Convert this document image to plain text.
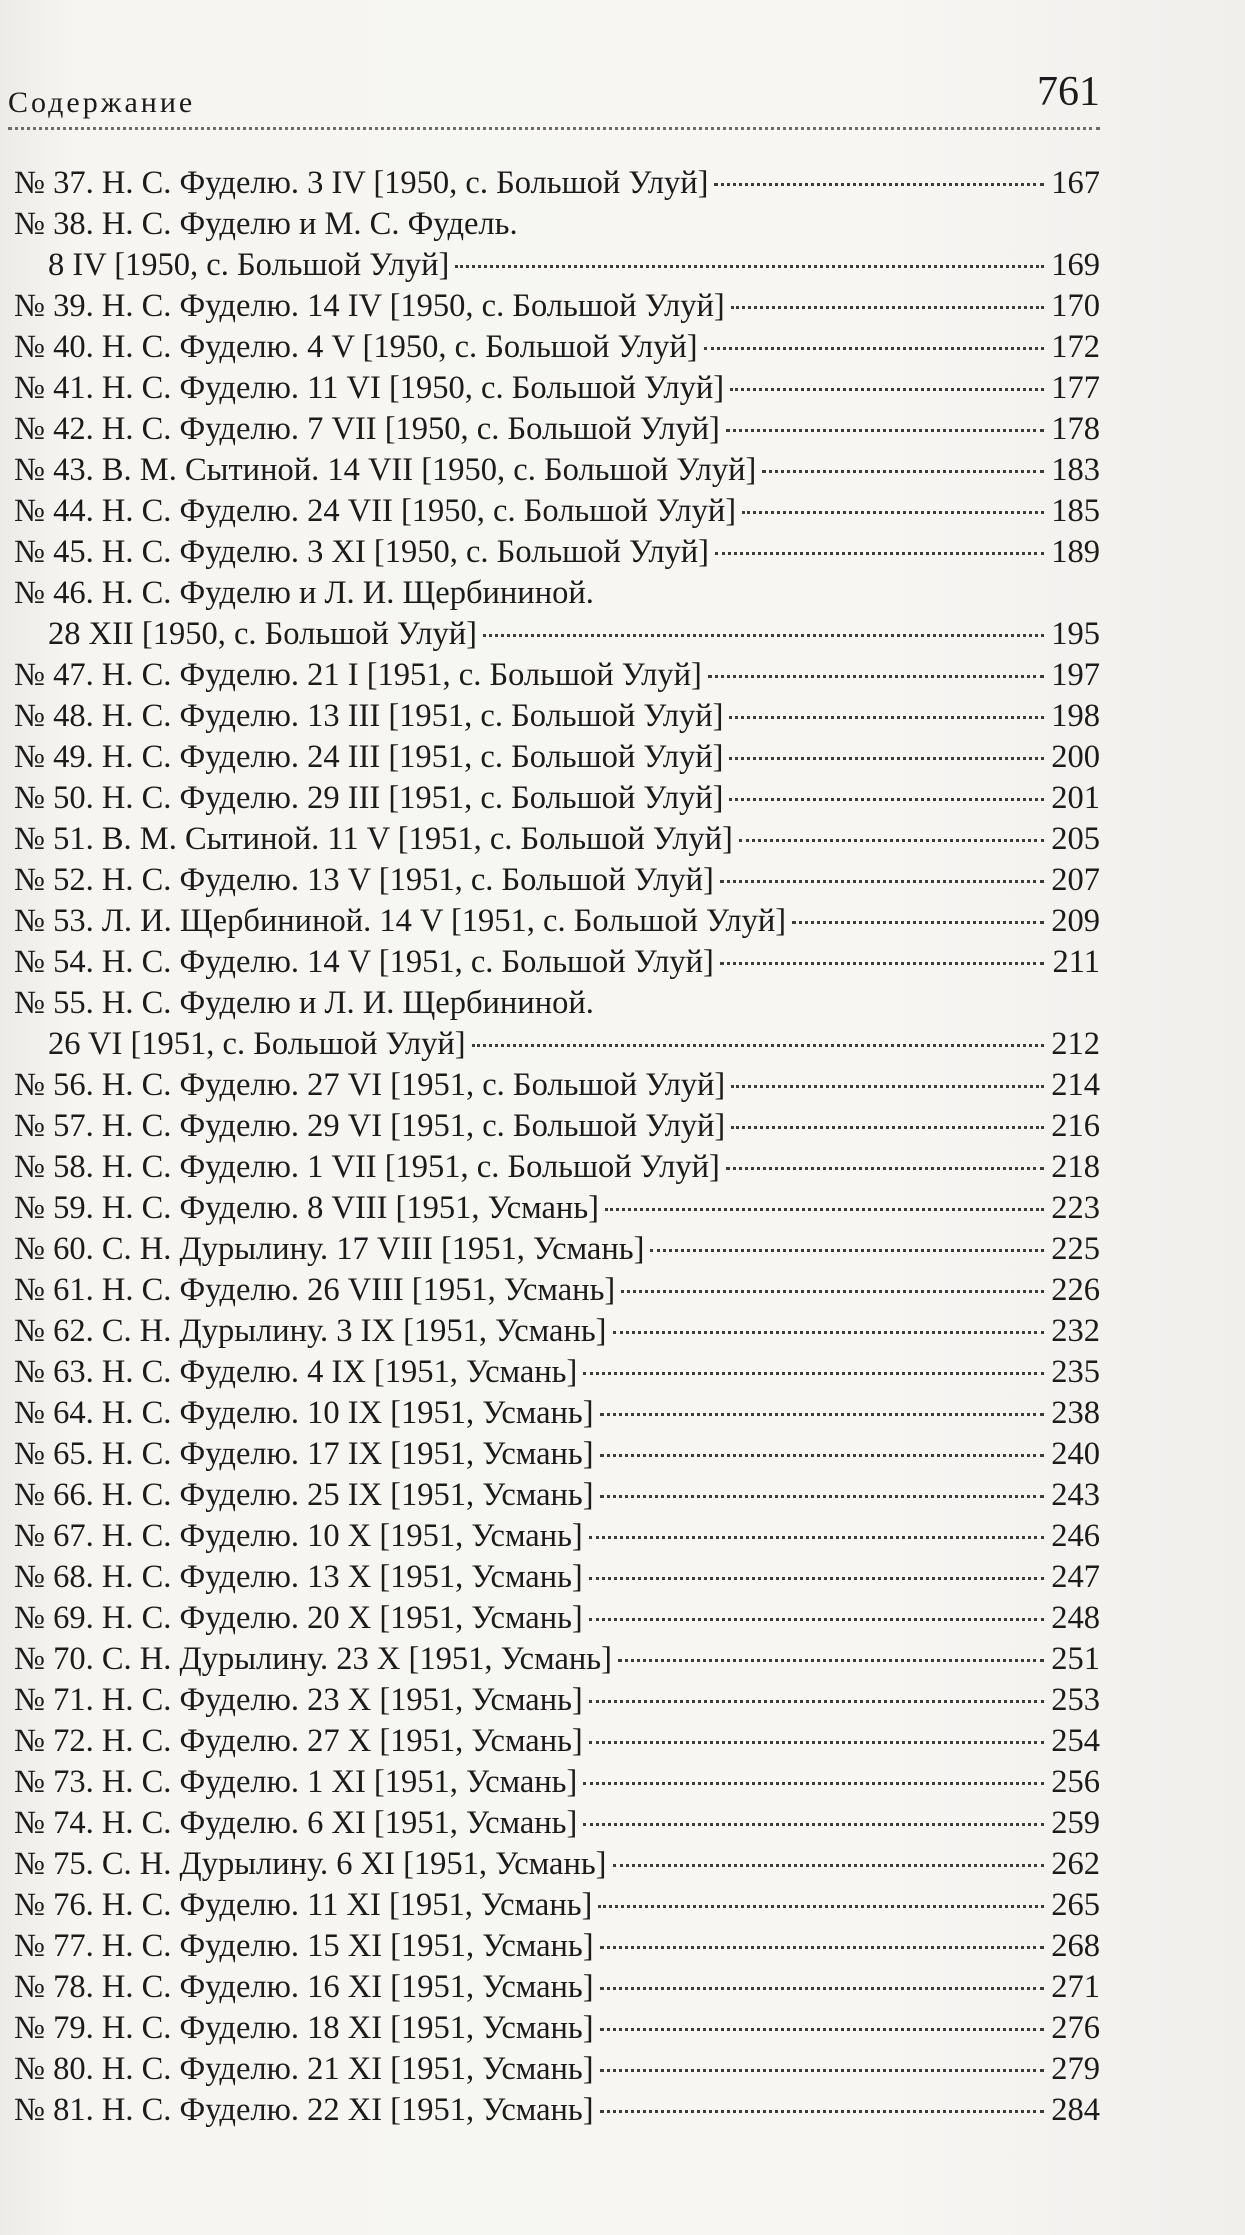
Содержание	761
№ 37. Н. С. Фуделю. 3 IV [1950, с. Большой Улуй]	167
№ 38. Н. С. Фуделю и М. С. Фудель.
8 IV [1950, с. Большой Улуй]	169
№ 39. Н. С. Фуделю. 14 IV [1950, с. Большой Улуй]	170
№ 40. Н. С. Фуделю. 4 V [1950, с. Большой Улуй]	172
№ 41. Н. С. Фуделю. 11 VI [1950, с. Большой Улуй]	177
№ 42. Н. С. Фуделю. 7 VII [1950, с. Большой Улуй]	178
№ 43. В. М. Сытиной. 14 VII [1950, с. Большой Улуй]	183
№ 44. Н. С. Фуделю. 24 VII [1950, с. Большой Улуй]	185
№ 45. Н. С. Фуделю. 3 XI [1950, с. Большой Улуй]	189
№ 46. Н. С. Фуделю и Л. И. Щербининой.
28 XII [1950, с. Большой Улуй]	195
№ 47. Н. С. Фуделю. 21 I [1951, с. Большой Улуй]	197
№ 48. Н. С. Фуделю. 13 III [1951, с. Большой Улуй]	198
№ 49. Н. С. Фуделю. 24 III [1951, с. Большой Улуй]	200
№ 50. Н. С. Фуделю. 29 III [1951, с. Большой Улуй]	201
№ 51. В. М. Сытиной. 11 V [1951, с. Большой Улуй]	205
№ 52. Н. С. Фуделю. 13 V [1951, с. Большой Улуй]	207
№ 53. Л. И. Щербининой. 14 V [1951, с. Большой Улуй]	209
№ 54. Н. С. Фуделю. 14 V [1951, с. Большой Улуй]	211
№ 55. Н. С. Фуделю и Л. И. Щербининой.
26 VI [1951, с. Большой Улуй]	212
№ 56. Н. С. Фуделю. 27 VI [1951, с. Большой Улуй]	214
№ 57. Н. С. Фуделю. 29 VI [1951, с. Большой Улуй]	216
№ 58. Н. С. Фуделю. 1 VII [1951, с. Большой Улуй]	218
№ 59. Н. С. Фуделю. 8 VIII [1951, Усмань]	223
№ 60. С. Н. Дурылину. 17 VIII [1951, Усмань]	225
№ 61. Н. С. Фуделю. 26 VIII [1951, Усмань]	226
№ 62. С. Н. Дурылину. 3 IX [1951, Усмань]	232
№ 63. Н. С. Фуделю. 4 IX [1951, Усмань]	235
№ 64. Н. С. Фуделю. 10 IX [1951, Усмань]	238
№ 65. Н. С. Фуделю. 17 IX [1951, Усмань]	240
№ 66. Н. С. Фуделю. 25 IX [1951, Усмань]	243
№ 67. Н. С. Фуделю. 10 X [1951, Усмань]	246
№ 68. Н. С. Фуделю. 13 X [1951, Усмань]	247
№ 69. Н. С. Фуделю. 20 X [1951, Усмань]	248
№ 70. С. Н. Дурылину. 23 X [1951, Усмань]	251
№ 71. Н. С. Фуделю. 23 X [1951, Усмань]	253
№ 72. Н. С. Фуделю. 27 X [1951, Усмань]	254
№ 73. Н. С. Фуделю. 1 XI [1951, Усмань]	256
№ 74. Н. С. Фуделю. 6 XI [1951, Усмань]	259
№ 75. С. Н. Дурылину. 6 XI [1951, Усмань]	262
№ 76. Н. С. Фуделю. 11 XI [1951, Усмань]	265
№ 77. Н. С. Фуделю. 15 XI [1951, Усмань]	268
№ 78. Н. С. Фуделю. 16 XI [1951, Усмань]	271
№ 79. Н. С. Фуделю. 18 XI [1951, Усмань]	276
№ 80. Н. С. Фуделю. 21 XI [1951, Усмань]	279
№ 81. Н. С. Фуделю. 22 XI [1951, Усмань]	284
